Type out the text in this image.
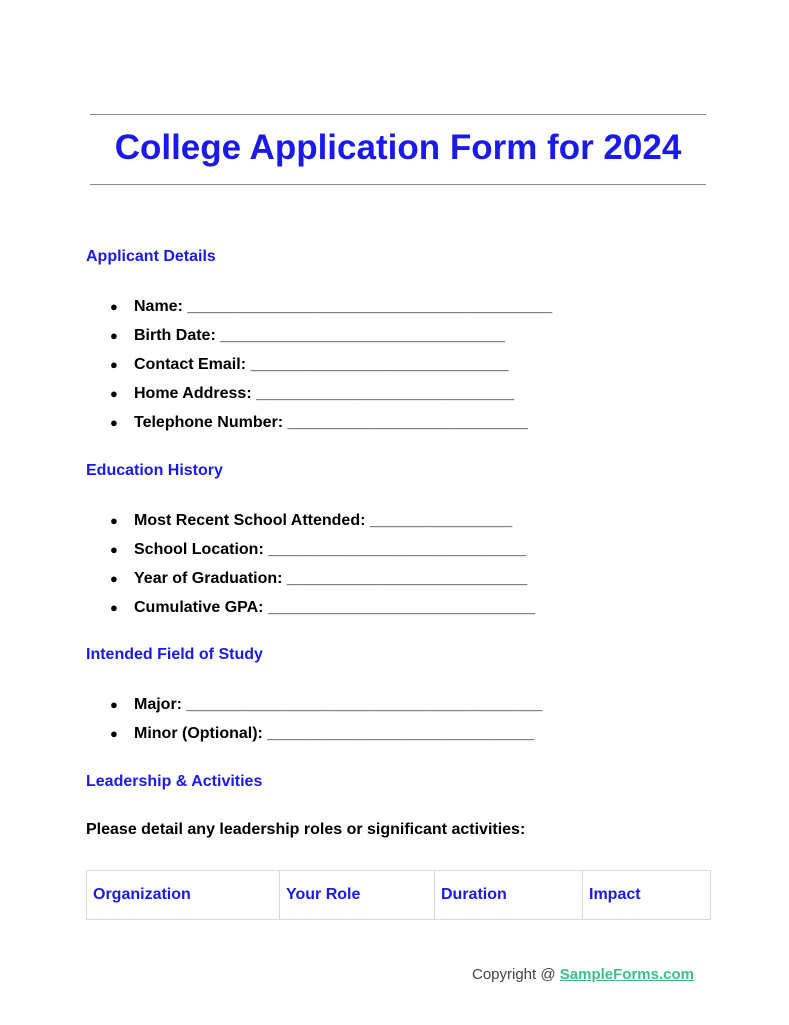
College Application Form for 2024
Applicant Details
● Name: _________________________________________
● Birth Date: ________________________________
● Contact Email: _____________________________
● Home Address: _____________________________
● Telephone Number: ___________________________
Education History
● Most Recent School Attended: ________________
● School Location: _____________________________
● Year of Graduation: ___________________________
● Cumulative GPA: ______________________________
Intended Field of Study
● Major: ________________________________________
● Minor (Optional): ______________________________
Leadership & Activities
Please detail any leadership roles or significant activities:
Organization	Your Role	Duration	Impact
Copyright @ SampleForms.com
